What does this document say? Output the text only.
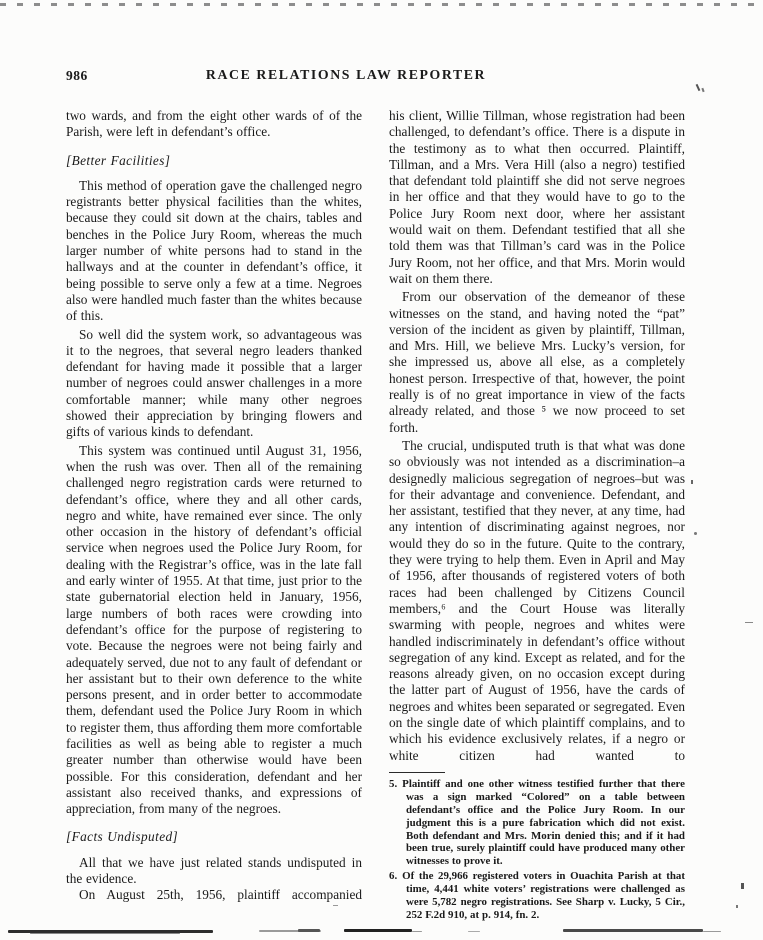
986	RACE RELATIONS LAW REPORTER

two wards, and from the eight other wards of of the Parish, were left in defendant’s office.

[Better Facilities]

This method of operation gave the challenged negro registrants better physical facilities than the whites, because they could sit down at the chairs, tables and benches in the Police Jury Room, whereas the much larger number of white persons had to stand in the hallways and at the counter in defendant’s office, it being possible to serve only a few at a time. Negroes also were handled much faster than the whites because of this.

So well did the system work, so advantageous was it to the negroes, that several negro leaders thanked defendant for having made it possible that a larger number of negroes could answer challenges in a more comfortable manner; while many other negroes showed their appreciation by bringing flowers and gifts of various kinds to defendant.

This system was continued until August 31, 1956, when the rush was over. Then all of the remaining challenged negro registration cards were returned to defendant’s office, where they and all other cards, negro and white, have remained ever since. The only other occasion in the history of defendant’s official service when negroes used the Police Jury Room, for dealing with the Registrar’s office, was in the late fall and early winter of 1955. At that time, just prior to the state gubernatorial election held in January, 1956, large numbers of both races were crowding into defendant’s office for the purpose of registering to vote. Because the negroes were not being fairly and adequately served, due not to any fault of defendant or her assistant but to their own deference to the white persons present, and in order better to accommodate them, defendant used the Police Jury Room in which to register them, thus affording them more comfortable facilities as well as being able to register a much greater number than otherwise would have been possible. For this consideration, defendant and her assistant also received thanks, and expressions of appreciation, from many of the negroes.

[Facts Undisputed]

All that we have just related stands undisputed in the evidence.

On August 25th, 1956, plaintiff accompanied

his client, Willie Tillman, whose registration had been challenged, to defendant’s office. There is a dispute in the testimony as to what then occurred. Plaintiff, Tillman, and a Mrs. Vera Hill (also a negro) testified that defendant told plaintiff she did not serve negroes in her office and that they would have to go to the Police Jury Room next door, where her assistant would wait on them. Defendant testified that all she told them was that Tillman’s card was in the Police Jury Room, not her office, and that Mrs. Morin would wait on them there.

From our observation of the demeanor of these witnesses on the stand, and having noted the “pat” version of the incident as given by plaintiff, Tillman, and Mrs. Hill, we believe Mrs. Lucky’s version, for she impressed us, above all else, as a completely honest person. Irrespective of that, however, the point really is of no great importance in view of the facts already related, and those ⁵ we now proceed to set forth.

The crucial, undisputed truth is that what was done so obviously was not intended as a discrimination–a designedly malicious segregation of negroes–but was for their advantage and convenience. Defendant, and her assistant, testified that they never, at any time, had any intention of discriminating against negroes, nor would they do so in the future. Quite to the contrary, they were trying to help them. Even in April and May of 1956, after thousands of registered voters of both races had been challenged by Citizens Council members,⁶ and the Court House was literally swarming with people, negroes and whites were handled indiscriminately in defendant’s office without segregation of any kind. Except as related, and for the reasons already given, on no occasion except during the latter part of August of 1956, have the cards of negroes and whites been separated or segregated. Even on the single date of which plaintiff complains, and to which his evidence exclusively relates, if a negro or white citizen had wanted to

5. Plaintiff and one other witness testified further that there was a sign marked “Colored” on a table between defendant’s office and the Police Jury Room. In our judgment this is a pure fabrication which did not exist. Both defendant and Mrs. Morin denied this; and if it had been true, surely plaintiff could have produced many other witnesses to prove it.

6. Of the 29,966 registered voters in Ouachita Parish at that time, 4,441 white voters’ registrations were challenged as were 5,782 negro registrations. See Sharp v. Lucky, 5 Cir., 252 F.2d 910, at p. 914, fn. 2.
